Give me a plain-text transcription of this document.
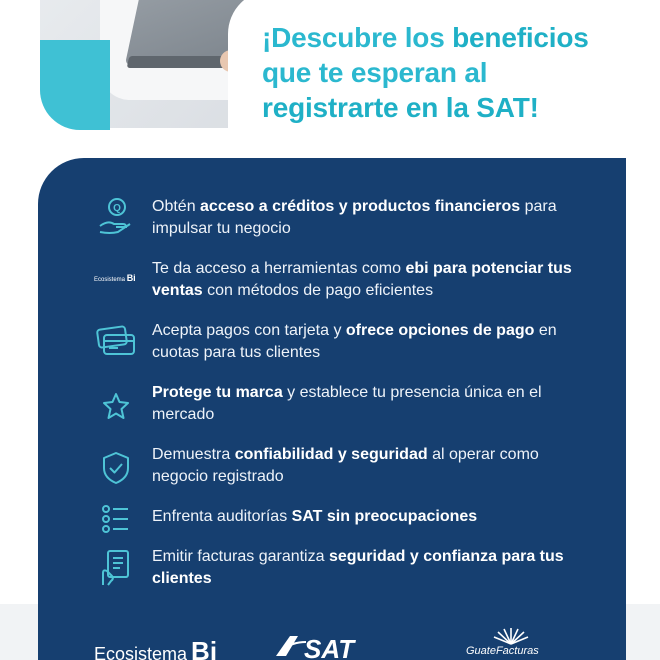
¡Descubre los beneficios
que te esperan al
registrarte en la SAT!
Q Obtén acceso a créditos y productos financieros para impulsar tu negocio
Ecosistema Bi
Te da acceso a herramientas como ebi para potenciar tus ventas con métodos de pago eficientes
Acepta pagos con tarjeta y ofrece opciones de pago en cuotas para tus clientes
Protege tu marca y establece tu presencia única en el mercado
Demuestra confiabilidad y seguridad al operar como negocio registrado
Enfrenta auditorías SAT sin preocupaciones
Emitir facturas garantiza seguridad y confianza para tus clientes
Ecosistema Bi	SAT	GuateFacturas
